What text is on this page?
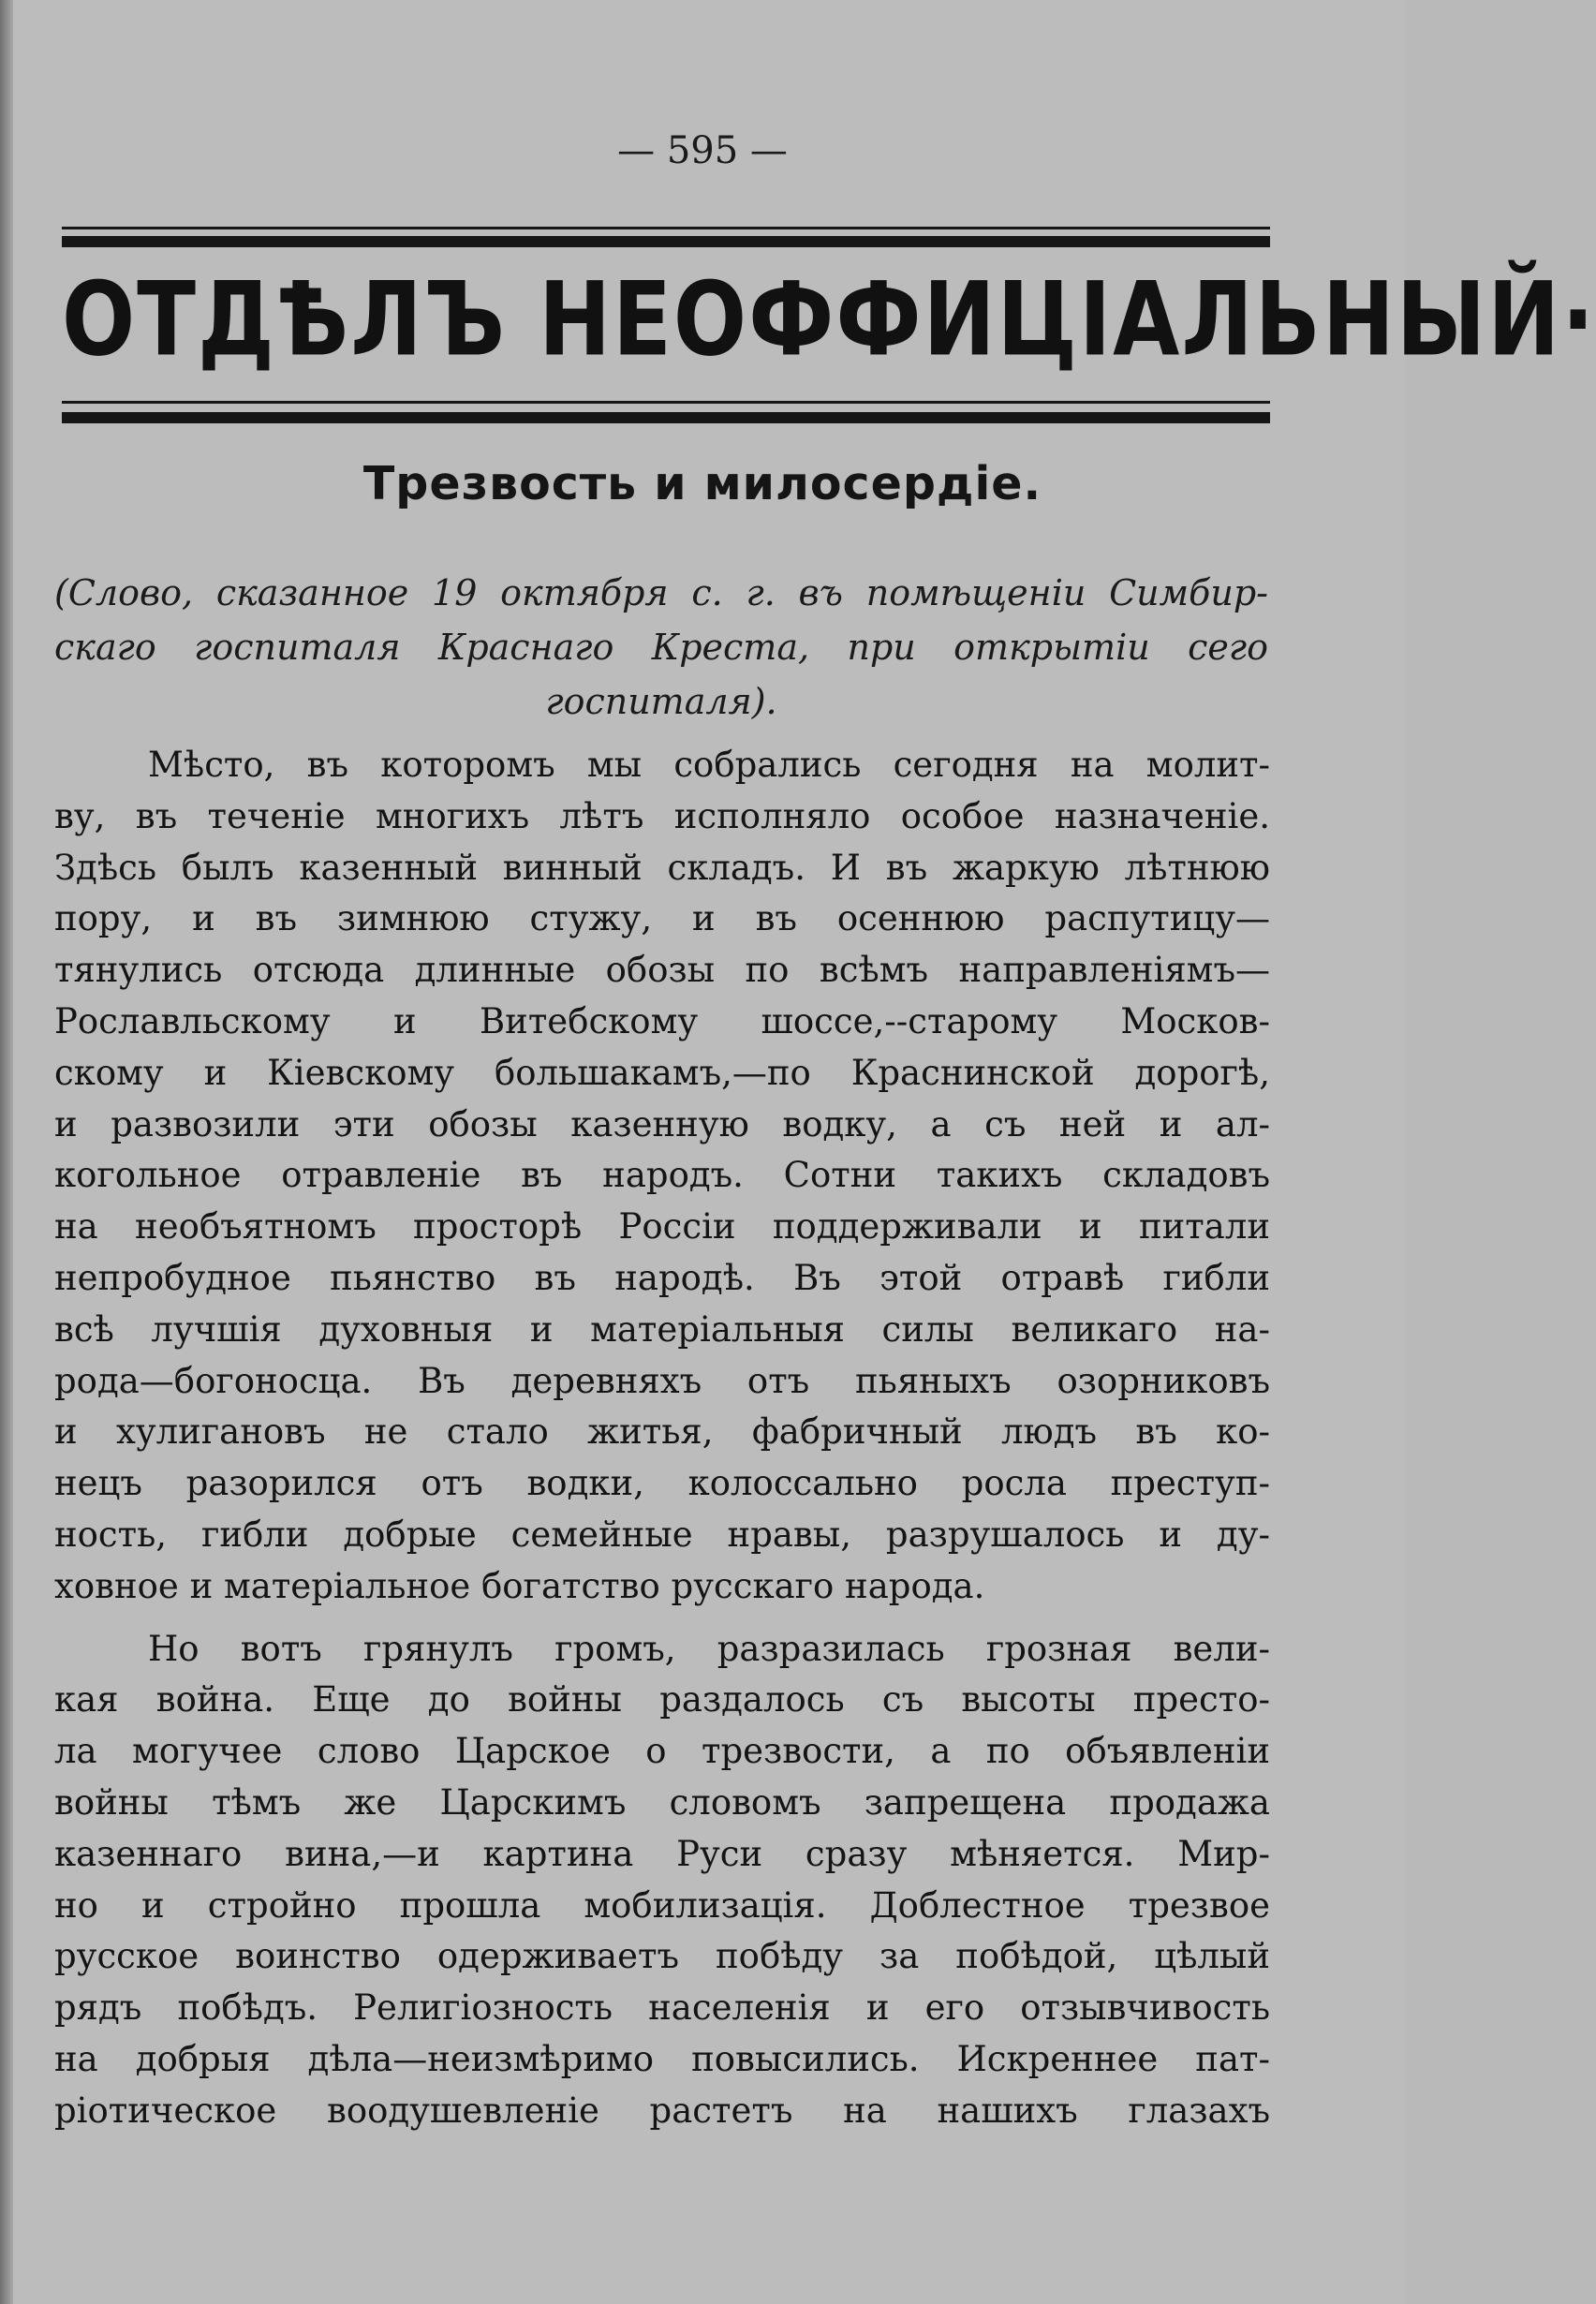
— 595 —
ОТДѢЛЪ НЕОФФИЦІАЛЬНЫЙ·
Трезвость и милосердіе.
(Слово, сказанное 19 октября с. г. въ помѣщеніи Симбир-
скаго госпиталя Краснаго Креста, при открытіи сего
госпиталя).
Мѣсто, въ которомъ мы собрались сегодня на молит-
ву, въ теченіе многихъ лѣтъ исполняло особое назначеніе.
Здѣсь былъ казенный винный складъ. И въ жаркую лѣтнюю
пору, и въ зимнюю стужу, и въ осеннюю распутицу—
тянулись отсюда длинные обозы по всѣмъ направленіямъ—
Рославльскому и Витебскому шоссе,--старому Москов-
скому и Кіевскому большакамъ,—по Краснинской дорогѣ,
и развозили эти обозы казенную водку, а съ ней и ал-
когольное отравленіе въ народъ. Сотни такихъ складовъ
на необъятномъ просторѣ Россіи поддерживали и питали
непробудное пьянство въ народѣ. Въ этой отравѣ гибли
всѣ лучшія духовныя и матеріальныя силы великаго на-
рода—богоносца. Въ деревняхъ отъ пьяныхъ озорниковъ
и хулигановъ не стало житья, фабричный людъ въ ко-
нецъ разорился отъ водки, колоссально росла преступ-
ность, гибли добрые семейные нравы, разрушалось и ду-
ховное и матеріальное богатство русскаго народа.
Но вотъ грянулъ громъ, разразилась грозная вели-
кая война. Еще до войны раздалось съ высоты престо-
ла могучее слово Царское о трезвости, а по объявленіи
войны тѣмъ же Царскимъ словомъ запрещена продажа
казеннаго вина,—и картина Руси сразу мѣняется. Мир-
но и стройно прошла мобилизація. Доблестное трезвое
русское воинство одерживаетъ побѣду за побѣдой, цѣлый
рядъ побѣдъ. Религіозность населенія и его отзывчивость
на добрыя дѣла—неизмѣримо повысились. Искреннее пат-
ріотическое воодушевленіе растетъ на нашихъ глазахъ
